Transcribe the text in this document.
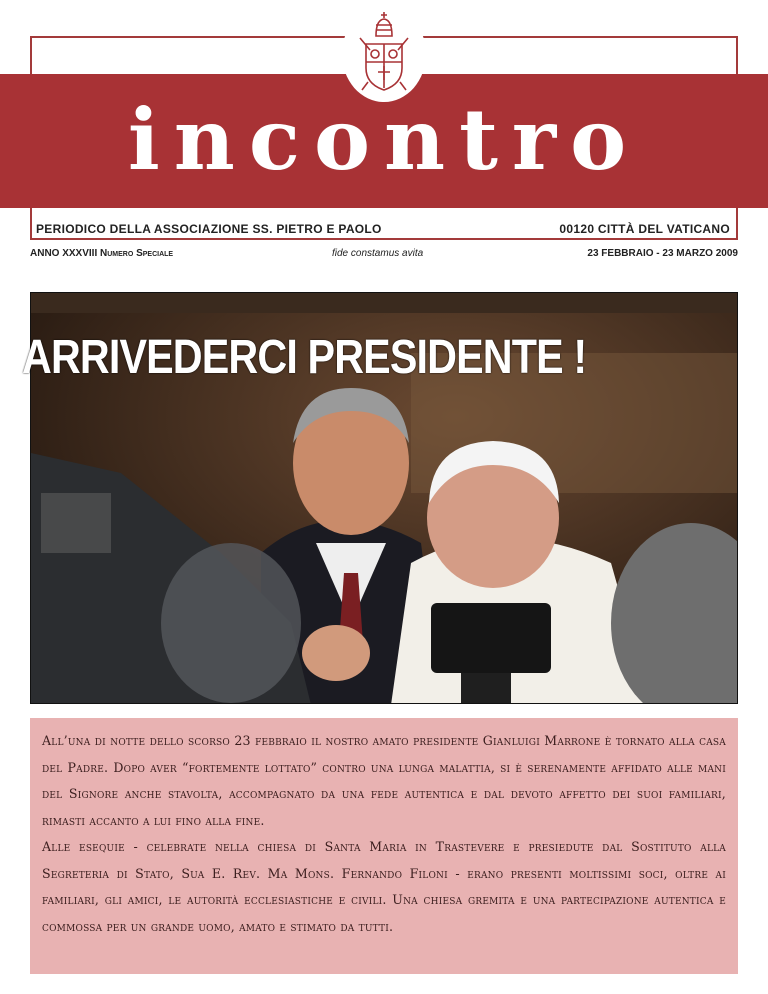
incontro
PERIODICO DELLA ASSOCIAZIONE SS. PIETRO E PAOLO	00120 CITTÀ DEL VATICANO
ANNO XXXVIII Numero Speciale	fide constamus avita	23 FEBBRAIO - 23 MARZO 2009
ARRIVEDERCI PRESIDENTE !

All’una di notte dello scorso 23 febbraio il nostro amato presidente Gianluigi Marrone è tornato alla casa del Padre. Dopo aver “fortemente lottato” contro una lunga malattia, si è serenamente affidato alle mani del Signore anche stavolta, accompagnato da una fede autentica e dal devoto affetto dei suoi familiari, rimasti accanto a lui fino alla fine.

Alle esequie - celebrate nella chiesa di Santa Maria in Trastevere e presiedute dal Sostituto alla Segreteria di Stato, Sua E. Rev. Ma Mons. Fernando Filoni - erano presenti moltissimi soci, oltre ai familiari, gli amici, le autorità ecclesiastiche e civili. Una chiesa gremita e una partecipazione autentica e commossa per un grande uomo, amato e stimato da tutti.
